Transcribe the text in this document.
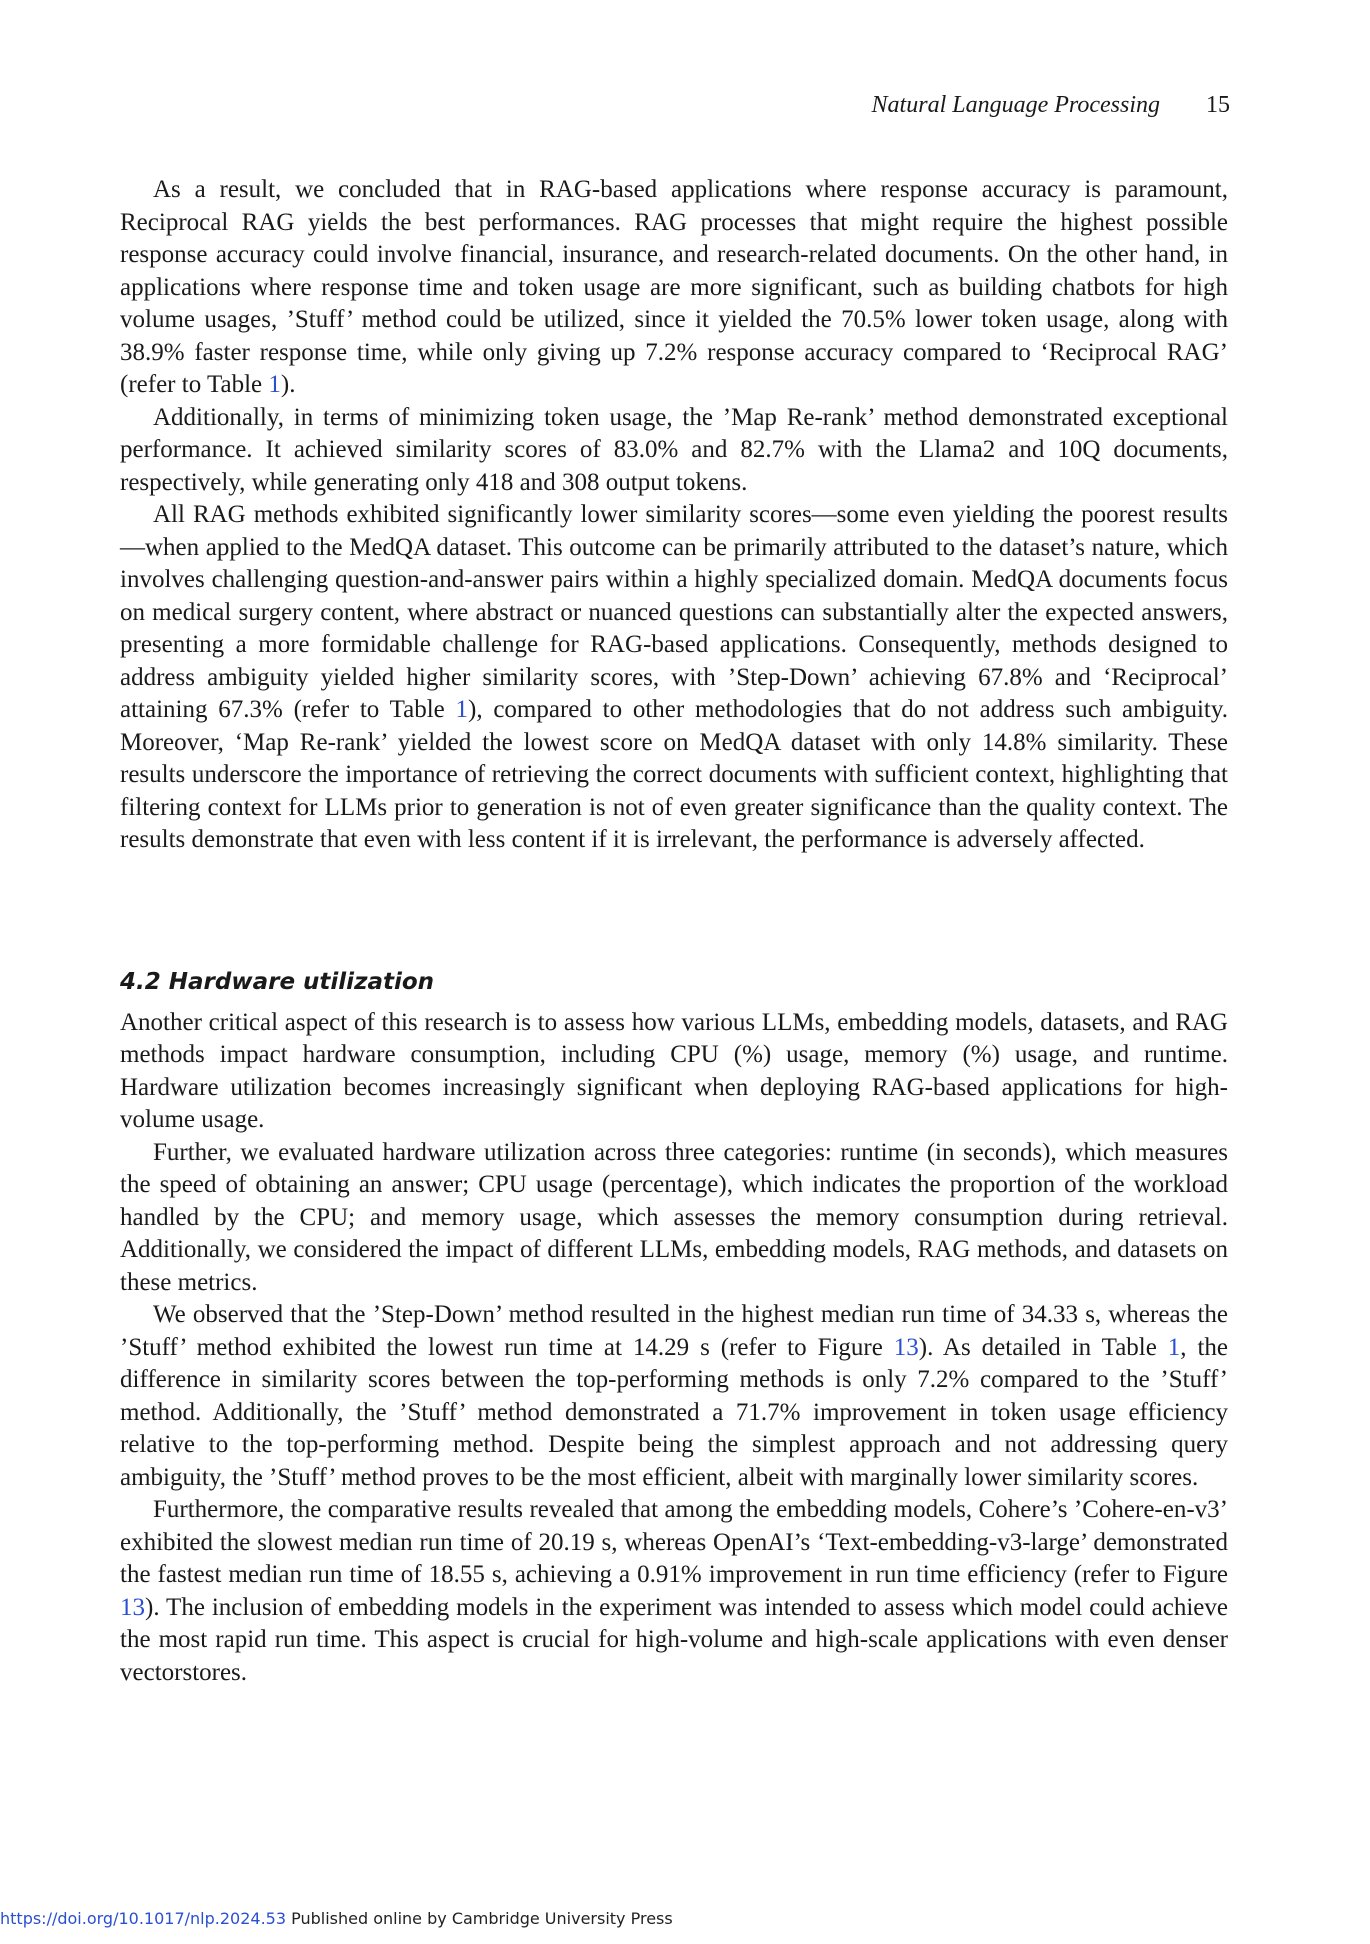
Natural Language Processing 15

As a result, we concluded that in RAG-based applications where response accuracy is paramount, Reciprocal RAG yields the best performances. RAG processes that might require the highest possible response accuracy could involve financial, insurance, and research-related documents. On the other hand, in applications where response time and token usage are more significant, such as building chatbots for high volume usages, ’Stuff’ method could be utilized, since it yielded the 70.5% lower token usage, along with 38.9% faster response time, while only giving up 7.2% response accuracy compared to ‘Reciprocal RAG’ (refer to Table 1).

Additionally, in terms of minimizing token usage, the ’Map Re-rank’ method demonstrated exceptional performance. It achieved similarity scores of 83.0% and 82.7% with the Llama2 and 10Q documents, respectively, while generating only 418 and 308 output tokens.

All RAG methods exhibited significantly lower similarity scores—some even yielding the poorest results—when applied to the MedQA dataset. This outcome can be primarily attributed to the dataset’s nature, which involves challenging question-and-answer pairs within a highly specialized domain. MedQA documents focus on medical surgery content, where abstract or nuanced questions can substantially alter the expected answers, presenting a more formidable challenge for RAG-based applications. Consequently, methods designed to address ambiguity yielded higher similarity scores, with ’Step-Down’ achieving 67.8% and ‘Reciprocal’ attaining 67.3% (refer to Table 1), compared to other methodologies that do not address such ambiguity. Moreover, ‘Map Re-rank’ yielded the lowest score on MedQA dataset with only 14.8% similarity. These results underscore the importance of retrieving the correct documents with sufficient context, highlighting that filtering context for LLMs prior to generation is not of even greater significance than the quality context. The results demonstrate that even with less content if it is irrelevant, the performance is adversely affected.

4.2 Hardware utilization

Another critical aspect of this research is to assess how various LLMs, embedding models, datasets, and RAG methods impact hardware consumption, including CPU (%) usage, memory (%) usage, and runtime. Hardware utilization becomes increasingly significant when deploying RAG-based applications for high-volume usage.

Further, we evaluated hardware utilization across three categories: runtime (in seconds), which measures the speed of obtaining an answer; CPU usage (percentage), which indicates the proportion of the workload handled by the CPU; and memory usage, which assesses the memory consumption during retrieval. Additionally, we considered the impact of different LLMs, embedding models, RAG methods, and datasets on these metrics.

We observed that the ’Step-Down’ method resulted in the highest median run time of 34.33 s, whereas the ’Stuff’ method exhibited the lowest run time at 14.29 s (refer to Figure 13). As detailed in Table 1, the difference in similarity scores between the top-performing methods is only 7.2% compared to the ’Stuff’ method. Additionally, the ’Stuff’ method demonstrated a 71.7% improvement in token usage efficiency relative to the top-performing method. Despite being the simplest approach and not addressing query ambiguity, the ’Stuff’ method proves to be the most efficient, albeit with marginally lower similarity scores.

Furthermore, the comparative results revealed that among the embedding models, Cohere’s ’Cohere-en-v3’ exhibited the slowest median run time of 20.19 s, whereas OpenAI’s ‘Text-embedding-v3-large’ demonstrated the fastest median run time of 18.55 s, achieving a 0.91% improvement in run time efficiency (refer to Figure 13). The inclusion of embedding models in the experiment was intended to assess which model could achieve the most rapid run time. This aspect is crucial for high-volume and high-scale applications with even denser vectorstores.

https://doi.org/10.1017/nlp.2024.53 Published online by Cambridge University Press
